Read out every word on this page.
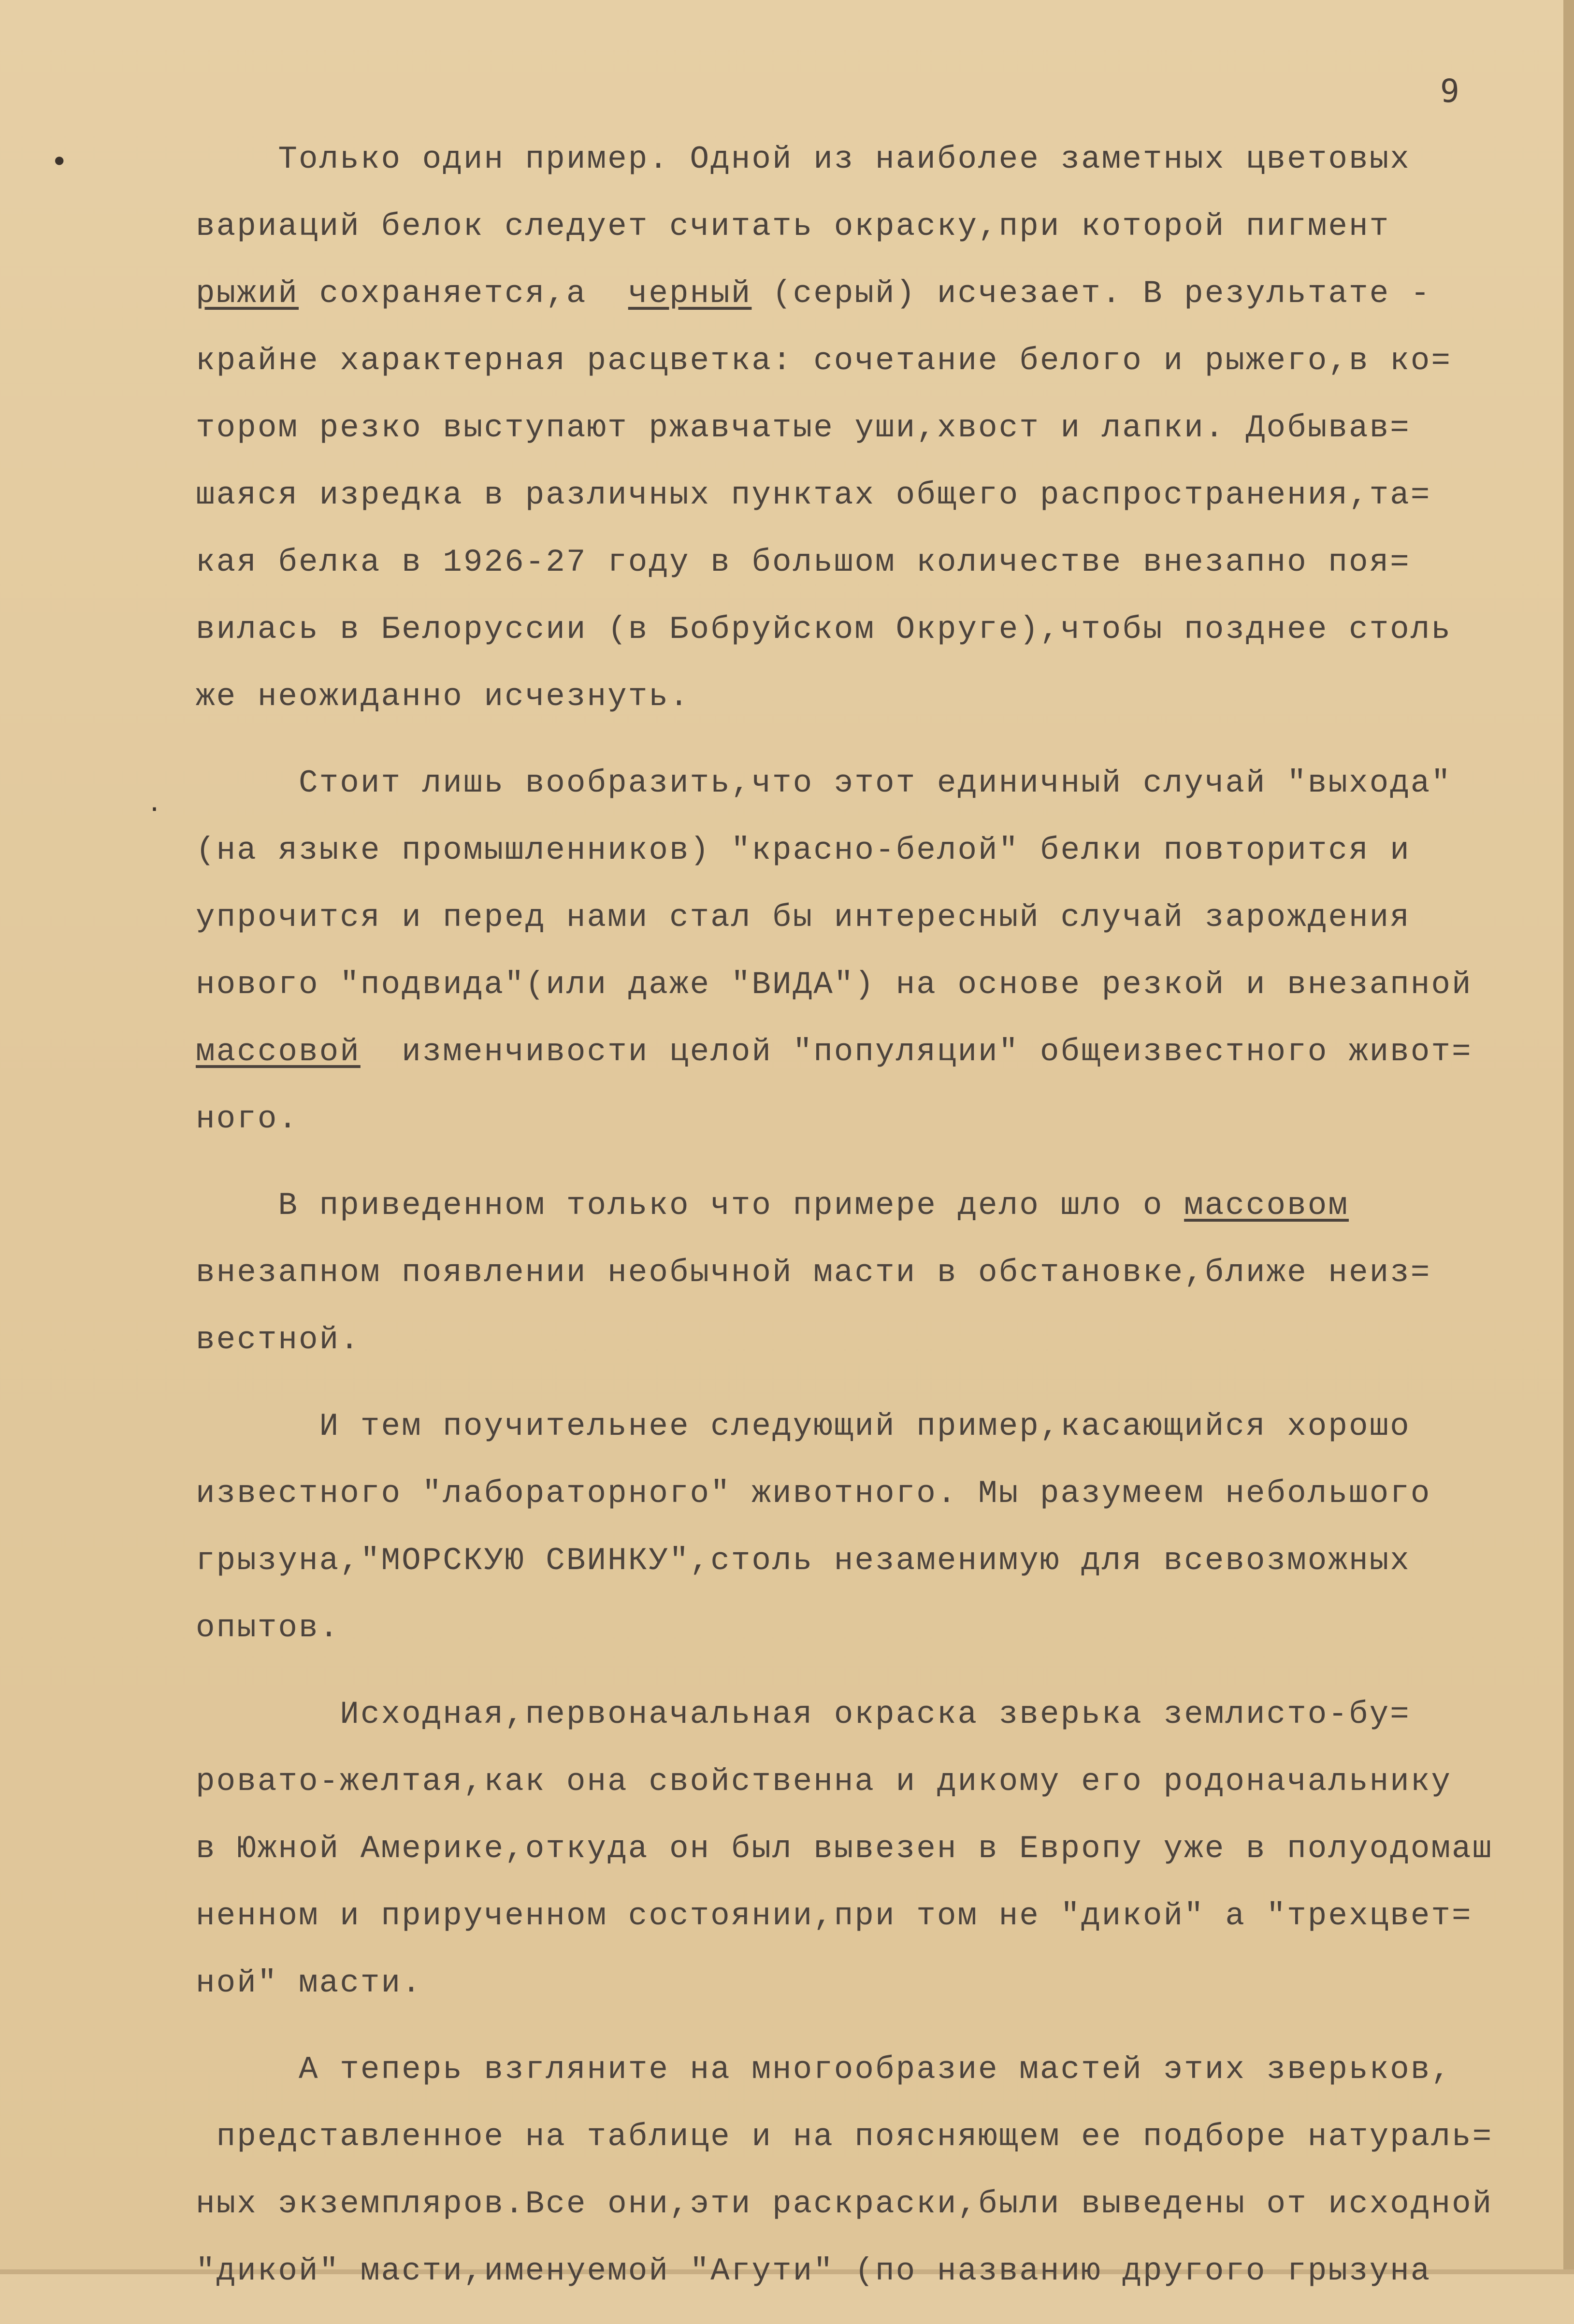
9
•
·
Только один пример. Одной из наиболее заметных цветовых
вариаций белок следует считать окраску,при которой пигмент
рыжий сохраняется,а  черный (серый) исчезает. В результате -
крайне характерная расцветка: сочетание белого и рыжего,в ко=
тором резко выступают ржавчатые уши,хвост и лапки. Добывав=
шаяся изредка в различных пунктах общего распространения,та=
кая белка в 1926-27 году в большом количестве внезапно поя=
вилась в Белоруссии (в Бобруйском Округе),чтобы позднее столь
же неожиданно исчезнуть.
Стоит лишь вообразить,что этот единичный случай "выхода"
(на языке промышленников) "красно-белой" белки повторится и
упрочится и перед нами стал бы интересный случай зарождения
нового "подвида"(или даже "ВИДА") на основе резкой и внезапной
массовой  изменчивости целой "популяции" общеизвестного живот=
ного.
В приведенном только что примере дело шло о массовом
внезапном появлении необычной масти в обстановке,ближе неиз=
вестной.
И тем поучительнее следующий пример,касающийся хорошо
известного "лабораторного" животного. Мы разумеем небольшого
грызуна,"МОРСКУЮ СВИНКУ",столь незаменимую для всевозможных
опытов.
Исходная,первоначальная окраска зверька землисто-бу=
ровато-желтая,как она свойственна и дикому его родоначальнику
в Южной Америке,откуда он был вывезен в Европу уже в полуодомаш
ненном и прирученном состоянии,при том не "дикой" а "трехцвет=
ной" масти.
А теперь взгляните на многообразие мастей этих зверьков,
представленное на таблице и на поясняющем ее подборе натураль=
ных экземпляров.Все они,эти раскраски,были выведены от исходной
"дикой" масти,именуемой "Агути" (по названию другого грызуна
